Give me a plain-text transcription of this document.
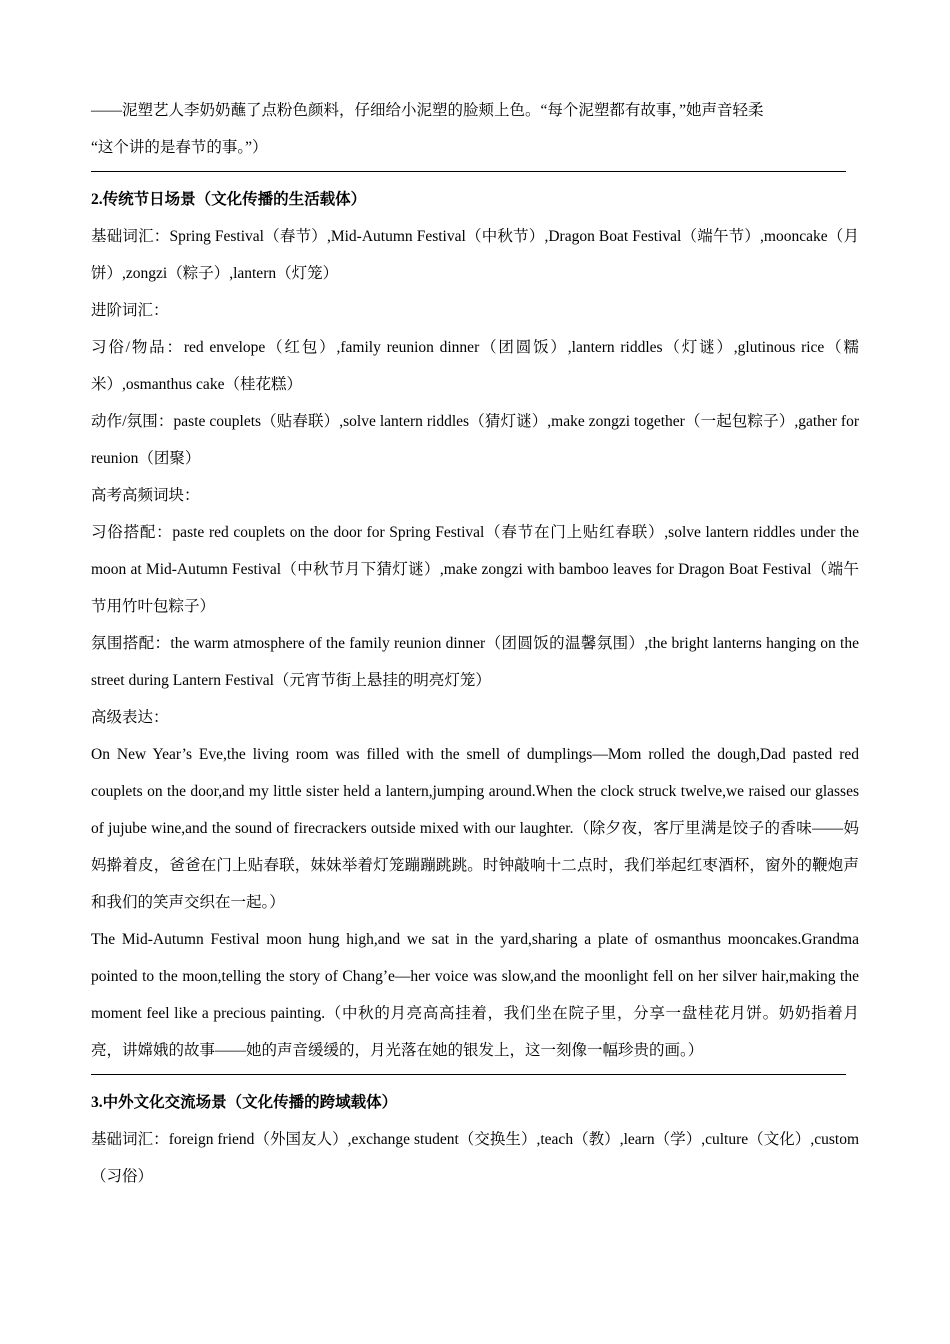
——泥塑艺人李奶奶蘸了点粉色颜料，仔细给小泥塑的脸颊上色。“每个泥塑都有故事，”她声音轻柔

“这个讲的是春节的事。”）

2.传统节日场景（文化传播的生活载体）

基础词汇：Spring Festival（春节）,Mid-Autumn Festival（中秋节）,Dragon Boat Festival（端午节）,mooncake（月饼）,zongzi（粽子）,lantern（灯笼）

进阶词汇：

习俗/物品：red envelope（红包）,family reunion dinner（团圆饭）,lantern riddles（灯谜）,glutinous rice（糯米）,osmanthus cake（桂花糕）

动作/氛围：paste couplets（贴春联）,solve lantern riddles（猜灯谜）,make zongzi together（一起包粽子）,gather for reunion（团聚）

高考高频词块：

习俗搭配：paste red couplets on the door for Spring Festival（春节在门上贴红春联）,solve lantern riddles under the moon at Mid-Autumn Festival（中秋节月下猜灯谜）,make zongzi with bamboo leaves for Dragon Boat Festival（端午节用竹叶包粽子）

氛围搭配：the warm atmosphere of the family reunion dinner（团圆饭的温馨氛围）,the bright lanterns hanging on the street during Lantern Festival（元宵节街上悬挂的明亮灯笼）

高级表达：

On New Year’s Eve,the living room was filled with the smell of dumplings—Mom rolled the dough,Dad pasted red couplets on the door,and my little sister held a lantern,jumping around.When the clock struck twelve,we raised our glasses of jujube wine,and the sound of firecrackers outside mixed with our laughter.（除夕夜，客厅里满是饺子的香味——妈妈擀着皮，爸爸在门上贴春联，妹妹举着灯笼蹦蹦跳跳。时钟敲响十二点时，我们举起红枣酒杯，窗外的鞭炮声和我们的笑声交织在一起。）

The Mid-Autumn Festival moon hung high,and we sat in the yard,sharing a plate of osmanthus mooncakes.Grandma pointed to the moon,telling the story of Chang’e—her voice was slow,and the moonlight fell on her silver hair,making the moment feel like a precious painting.（中秋的月亮高高挂着，我们坐在院子里，分享一盘桂花月饼。奶奶指着月亮，讲嫦娥的故事——她的声音缓缓的，月光落在她的银发上，这一刻像一幅珍贵的画。）

3.中外文化交流场景（文化传播的跨域载体）

基础词汇：foreign friend（外国友人）,exchange student（交换生）,teach（教）,learn（学）,culture（文化）,custom（习俗）
